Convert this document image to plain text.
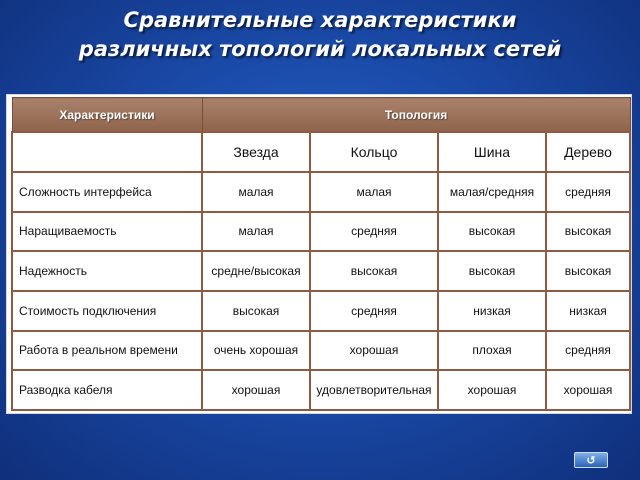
Сравнительные характеристики
различных топологий локальных сетей
Характеристики	Топология			
	Звезда	Кольцо	Шина	Дерево
Сложность интерфейса	малая	малая	малая/средняя	средняя
Наращиваемость	малая	средняя	высокая	высокая
Надежность	средне/высокая	высокая	высокая	высокая
Стоимость подключения	высокая	средняя	низкая	низкая
Работа в реальном времени	очень хорошая	хорошая	плохая	средняя
Разводка кабеля	хорошая	удовлетворительная	хорошая	хорошая
↺
